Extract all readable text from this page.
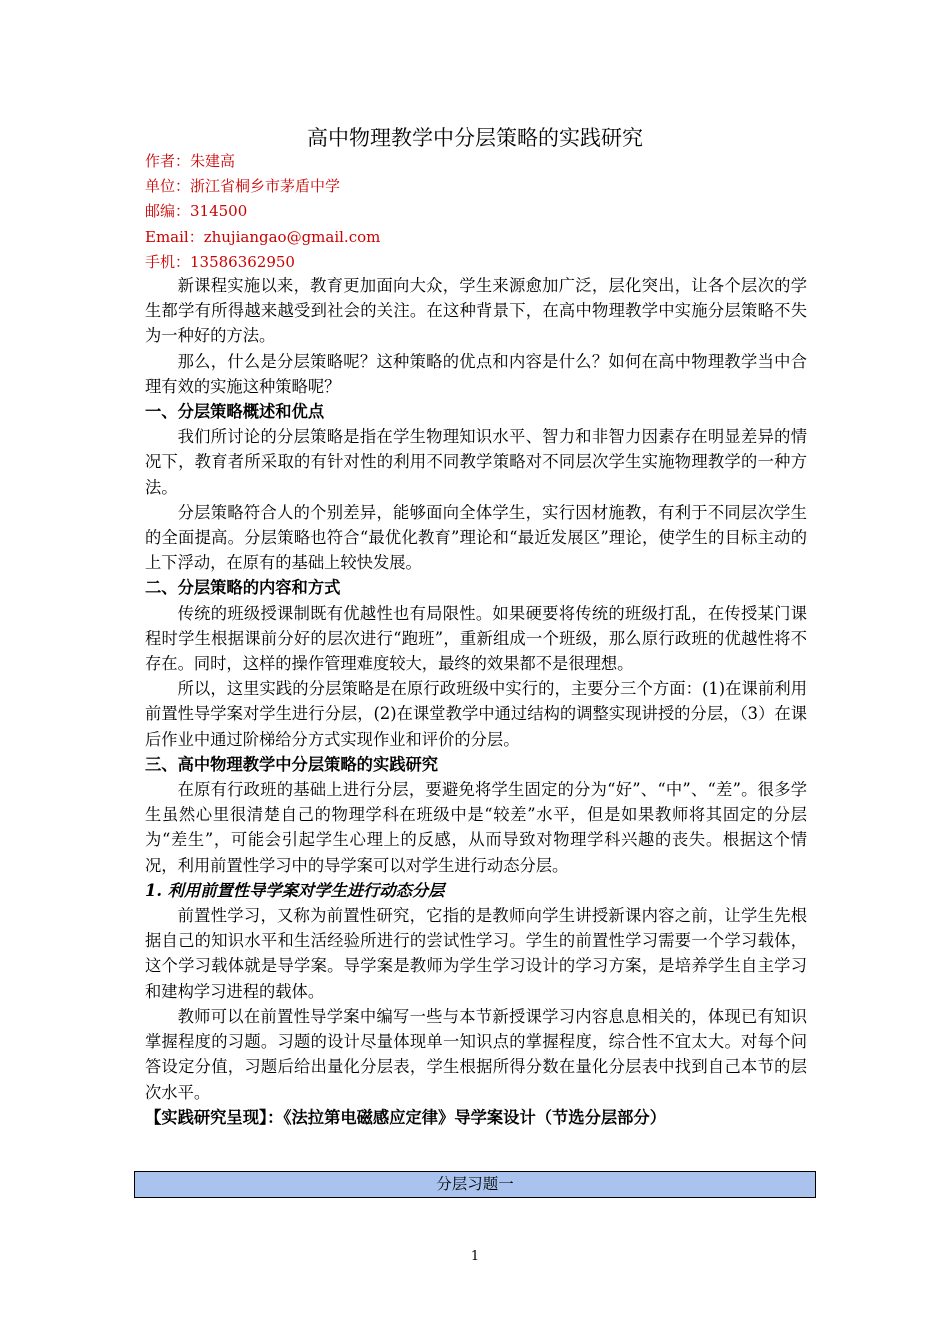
高中物理教学中分层策略的实践研究
作者：朱建高
单位：浙江省桐乡市茅盾中学
邮编：314500
Email：zhujiangao@gmail.com
手机：13586362950

新课程实施以来，教育更加面向大众，学生来源愈加广泛，层化突出，让各个层次的学生都学有所得越来越受到社会的关注。在这种背景下，在高中物理教学中实施分层策略不失为一种好的方法。

那么，什么是分层策略呢？这种策略的优点和内容是什么？如何在高中物理教学当中合理有效的实施这种策略呢？

一、分层策略概述和优点

我们所讨论的分层策略是指在学生物理知识水平、智力和非智力因素存在明显差异的情况下，教育者所采取的有针对性的利用不同教学策略对不同层次学生实施物理教学的一种方法。

分层策略符合人的个别差异，能够面向全体学生，实行因材施教，有利于不同层次学生的全面提高。分层策略也符合“最优化教育”理论和“最近发展区”理论，使学生的目标主动的上下浮动，在原有的基础上较快发展。

二、分层策略的内容和方式

传统的班级授课制既有优越性也有局限性。如果硬要将传统的班级打乱，在传授某门课程时学生根据课前分好的层次进行“跑班”，重新组成一个班级，那么原行政班的优越性将不存在。同时，这样的操作管理难度较大，最终的效果都不是很理想。

所以，这里实践的分层策略是在原行政班级中实行的，主要分三个方面：(1)在课前利用前置性导学案对学生进行分层，(2)在课堂教学中通过结构的调整实现讲授的分层，（3）在课后作业中通过阶梯给分方式实现作业和评价的分层。

三、高中物理教学中分层策略的实践研究

在原有行政班的基础上进行分层，要避免将学生固定的分为“好”、“中”、“差”。很多学生虽然心里很清楚自己的物理学科在班级中是“较差”水平，但是如果教师将其固定的分层为“差生”，可能会引起学生心理上的反感，从而导致对物理学科兴趣的丧失。根据这个情况，利用前置性学习中的导学案可以对学生进行动态分层。

1. 利用前置性导学案对学生进行动态分层

前置性学习，又称为前置性研究，它指的是教师向学生讲授新课内容之前，让学生先根据自己的知识水平和生活经验所进行的尝试性学习。学生的前置性学习需要一个学习载体，这个学习载体就是导学案。导学案是教师为学生学习设计的学习方案，是培养学生自主学习和建构学习进程的载体。

教师可以在前置性导学案中编写一些与本节新授课学习内容息息相关的，体现已有知识掌握程度的习题。习题的设计尽量体现单一知识点的掌握程度，综合性不宜太大。对每个问答设定分值，习题后给出量化分层表，学生根据所得分数在量化分层表中找到自己本节的层次水平。

【实践研究呈现】：《法拉第电磁感应定律》导学案设计（节选分层部分）
分层习题一
1
